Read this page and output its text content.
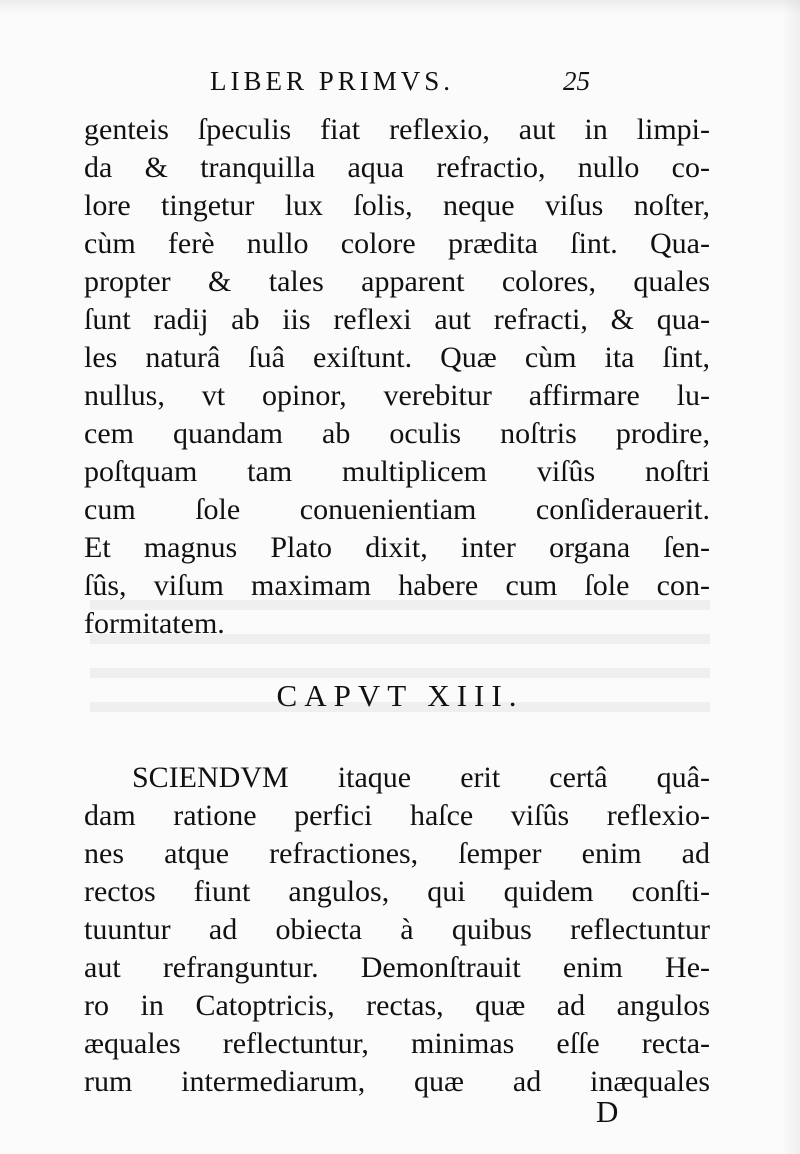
LIBER PRIMVS.	25
genteis ſpeculis fiat reflexio, aut in limpi-
da & tranquilla aqua refractio, nullo co-
lore tingetur lux ſolis, neque viſus noſter,
cùm ferè nullo colore prædita ſint. Qua-
propter & tales apparent colores, quales
ſunt radij ab iis reflexi aut refracti, & qua-
les naturâ ſuâ exiſtunt. Quæ cùm ita ſint,
nullus, vt opinor, verebitur affirmare lu-
cem quandam ab oculis noſtris prodire,
poſtquam tam multiplicem viſûs noſtri
cum ſole conuenientiam conſiderauerit.
Et magnus Plato dixit, inter organa ſen-
ſûs, viſum maximam habere cum ſole con-
formitatem.
CAPVT XIII.
SCIENDVM itaque erit certâ quâ-
dam ratione perfici haſce viſûs reflexio-
nes atque refractiones, ſemper enim ad
rectos fiunt angulos, qui quidem conſti-
tuuntur ad obiecta à quibus reflectuntur
aut refranguntur. Demonſtrauit enim He-
ro in Catoptricis, rectas, quæ ad angulos
æquales reflectuntur, minimas eſſe recta-
rum intermediarum, quæ ad inæquales
D
